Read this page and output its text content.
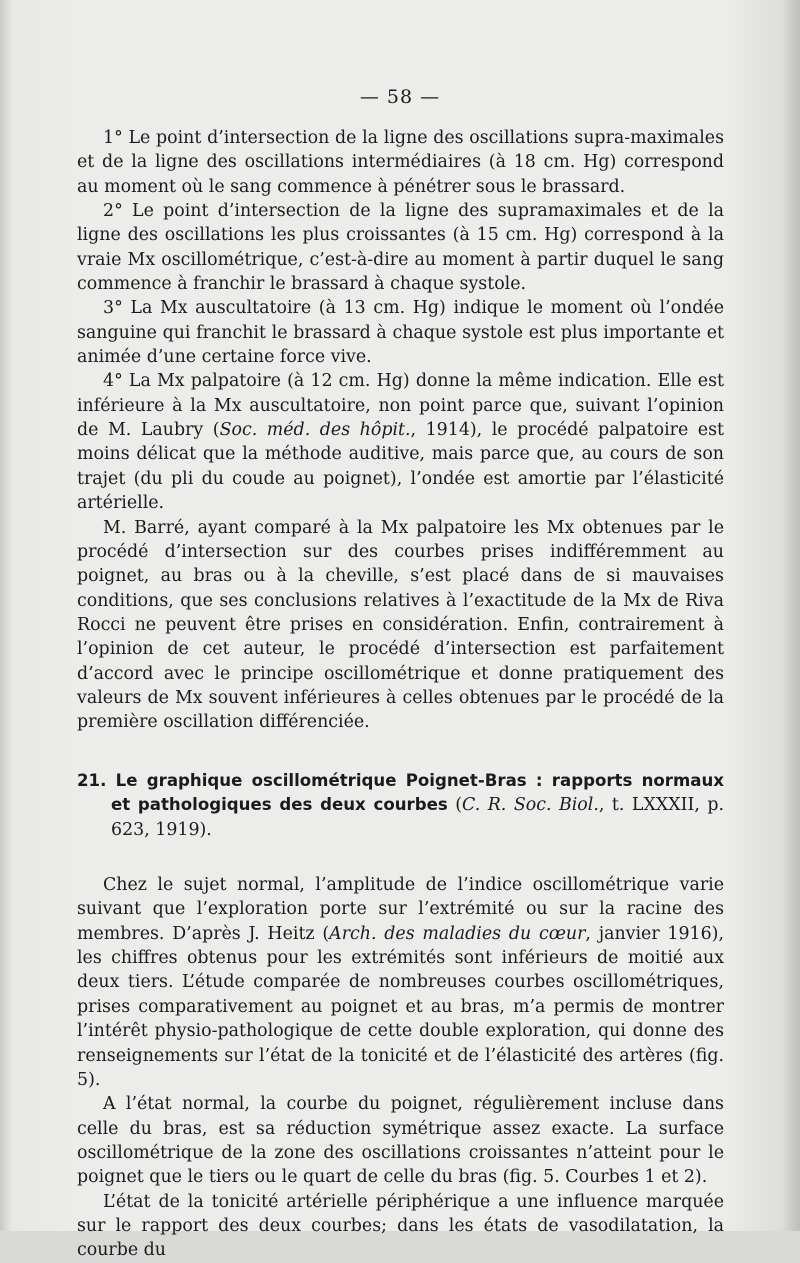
— 58 —

1° Le point d’intersection de la ligne des oscillations supra-maximales et de la ligne des oscillations intermédiaires (à 18 cm. Hg) correspond au moment où le sang commence à pénétrer sous le brassard.

2° Le point d’intersection de la ligne des supramaximales et de la ligne des oscillations les plus croissantes (à 15 cm. Hg) correspond à la vraie Mx oscillométrique, c’est-à-dire au moment à partir duquel le sang commence à franchir le brassard à chaque systole.

3° La Mx auscultatoire (à 13 cm. Hg) indique le moment où l’ondée sanguine qui franchit le brassard à chaque systole est plus importante et animée d’une certaine force vive.

4° La Mx palpatoire (à 12 cm. Hg) donne la même indication. Elle est inférieure à la Mx auscultatoire, non point parce que, suivant l’opinion de M. Laubry (Soc. méd. des hôpit., 1914), le procédé palpatoire est moins délicat que la méthode auditive, mais parce que, au cours de son trajet (du pli du coude au poignet), l’ondée est amortie par l’élasticité artérielle.

M. Barré, ayant comparé à la Mx palpatoire les Mx obtenues par le procédé d’intersection sur des courbes prises indifféremment au poignet, au bras ou à la cheville, s’est placé dans de si mauvaises conditions, que ses conclusions relatives à l’exactitude de la Mx de Riva Rocci ne peuvent être prises en considération. Enfin, contrairement à l’opinion de cet auteur, le procédé d’intersection est parfaitement d’accord avec le principe oscillométrique et donne pratiquement des valeurs de Mx souvent inférieures à celles obtenues par le procédé de la première oscillation différenciée.

21. Le graphique oscillométrique Poignet-Bras : rapports normaux et pathologiques des deux courbes (C. R. Soc. Biol., t. LXXXII, p. 623, 1919).

Chez le sujet normal, l’amplitude de l’indice oscillométrique varie suivant que l’exploration porte sur l’extrémité ou sur la racine des membres. D’après J. Heitz (Arch. des maladies du cœur, janvier 1916), les chiffres obtenus pour les extrémités sont inférieurs de moitié aux deux tiers. L’étude comparée de nombreuses courbes oscillométriques, prises comparativement au poignet et au bras, m’a permis de montrer l’intérêt physio-pathologique de cette double exploration, qui donne des renseignements sur l’état de la tonicité et de l’élasticité des artères (fig. 5).

A l’état normal, la courbe du poignet, régulièrement incluse dans celle du bras, est sa réduction symétrique assez exacte. La surface oscillométrique de la zone des oscillations croissantes n’atteint pour le poignet que le tiers ou le quart de celle du bras (fig. 5. Courbes 1 et 2).

L’état de la tonicité artérielle périphérique a une influence marquée sur le rapport des deux courbes; dans les états de vasodilatation, la courbe du
